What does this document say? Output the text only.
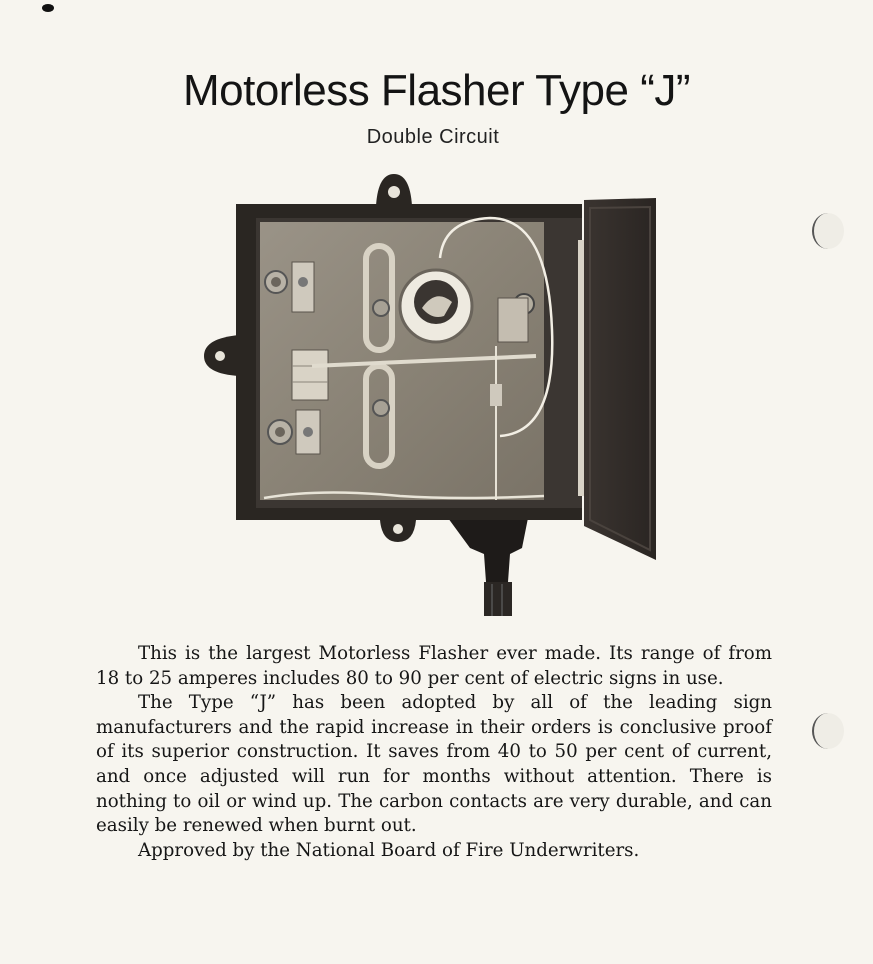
Motorless Flasher Type “J”
Double Circuit

This is the largest Motorless Flasher ever made. Its range of from 18 to 25 amperes includes 80 to 90 per cent of electric signs in use.

The Type “J” has been adopted by all of the leading sign manufacturers and the rapid increase in their orders is conclusive proof of its superior construction. It saves from 40 to 50 per cent of current, and once adjusted will run for months without attention. There is nothing to oil or wind up. The carbon contacts are very durable, and can easily be renewed when burnt out.

Approved by the National Board of Fire Underwriters.
